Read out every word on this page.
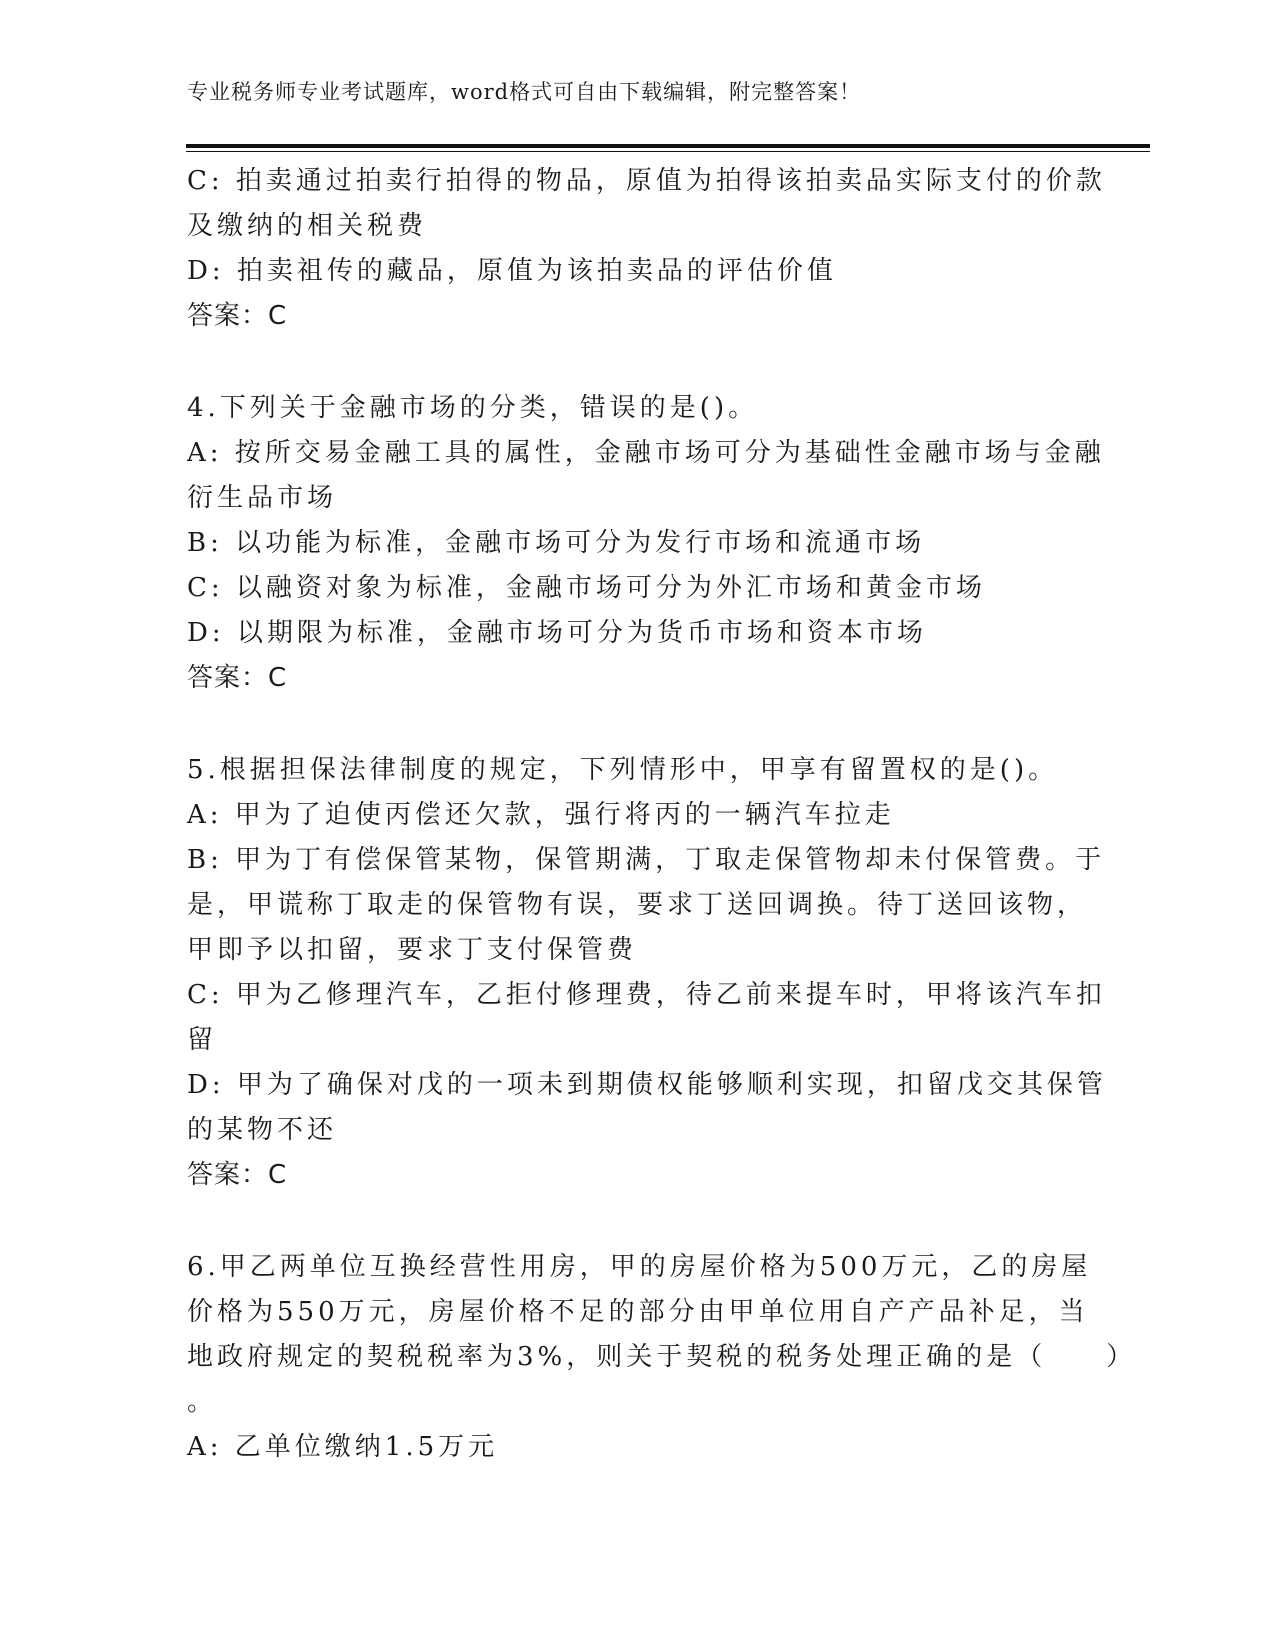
专业税务师专业考试题库，word格式可自由下载编辑，附完整答案！
C: 拍卖通过拍卖行拍得的物品，原值为拍得该拍卖品实际支付的价款
及缴纳的相关税费
D: 拍卖祖传的藏品，原值为该拍卖品的评估价值
答案：C
4.下列关于金融市场的分类，错误的是()。
A: 按所交易金融工具的属性，金融市场可分为基础性金融市场与金融
衍生品市场
B: 以功能为标准，金融市场可分为发行市场和流通市场
C: 以融资对象为标准，金融市场可分为外汇市场和黄金市场
D: 以期限为标准，金融市场可分为货币市场和资本市场
答案：C
5.根据担保法律制度的规定，下列情形中，甲享有留置权的是()。
A: 甲为了迫使丙偿还欠款，强行将丙的一辆汽车拉走
B: 甲为丁有偿保管某物，保管期满，丁取走保管物却未付保管费。于
是，甲谎称丁取走的保管物有误，要求丁送回调换。待丁送回该物，
甲即予以扣留，要求丁支付保管费
C: 甲为乙修理汽车，乙拒付修理费，待乙前来提车时，甲将该汽车扣
留
D: 甲为了确保对戊的一项未到期债权能够顺利实现，扣留戊交其保管
的某物不还
答案：C
6.甲乙两单位互换经营性用房，甲的房屋价格为500万元，乙的房屋
价格为550万元，房屋价格不足的部分由甲单位用自产产品补足，当
地政府规定的契税税率为3%，则关于契税的税务处理正确的是（　　）
。
A: 乙单位缴纳1.5万元
